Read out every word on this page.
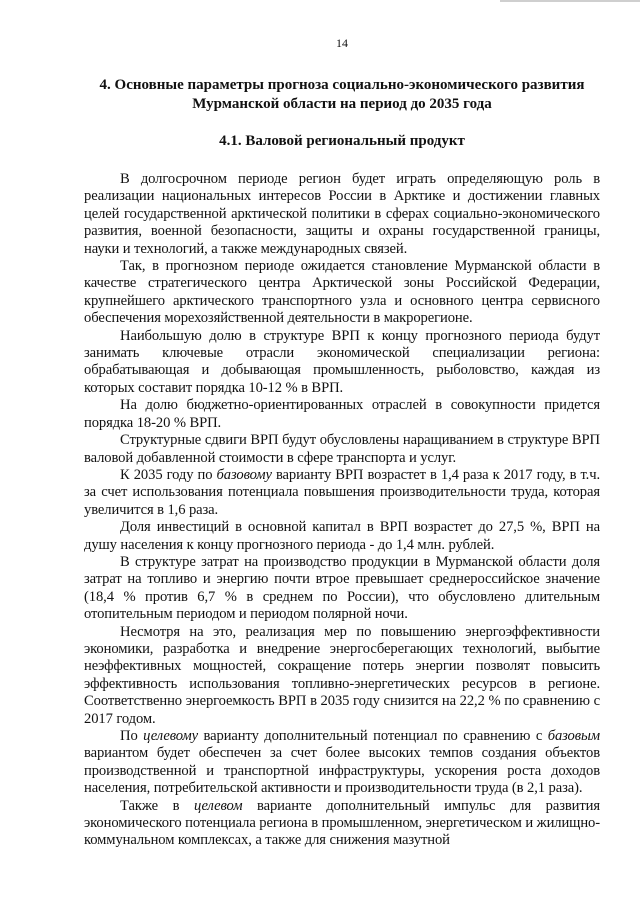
14
4. Основные параметры прогноза социально-экономического развития
Мурманской области на период до 2035 года
4.1. Валовой региональный продукт

В долгосрочном периоде регион будет играть определяющую роль в реализации национальных интересов России в Арктике и достижении главных целей государственной арктической политики в сферах социально-экономического развития, военной безопасности, защиты и охраны государственной границы, науки и технологий, а также международных связей.

Так, в прогнозном периоде ожидается становление Мурманской области в качестве стратегического центра Арктической зоны Российской Федерации, крупнейшего арктического транспортного узла и основного центра сервисного обеспечения морехозяйственной деятельности в макрорегионе.

Наибольшую долю в структуре ВРП к концу прогнозного периода будут занимать ключевые отрасли экономической специализации региона: обрабатывающая и добывающая промышленность, рыболовство, каждая из которых составит порядка 10-12 % в ВРП.

На долю бюджетно-ориентированных отраслей в совокупности придется порядка 18-20 % ВРП.

Структурные сдвиги ВРП будут обусловлены наращиванием в структуре ВРП валовой добавленной стоимости в сфере транспорта и услуг.

К 2035 году по базовому варианту ВРП возрастет в 1,4 раза к 2017 году, в т.ч. за счет использования потенциала повышения производительности труда, которая увеличится в 1,6 раза.

Доля инвестиций в основной капитал в ВРП возрастет до 27,5 %, ВРП на душу населения к концу прогнозного периода - до 1,4 млн. рублей.

В структуре затрат на производство продукции в Мурманской области доля затрат на топливо и энергию почти втрое превышает среднероссийское значение (18,4 % против 6,7 % в среднем по России), что обусловлено длительным отопительным периодом и периодом полярной ночи.

Несмотря на это, реализация мер по повышению энергоэффективности экономики, разработка и внедрение энергосберегающих технологий, выбытие неэффективных мощностей, сокращение потерь энергии позволят повысить эффективность использования топливно-энергетических ресурсов в регионе. Соответственно энергоемкость ВРП в 2035 году снизится на 22,2 % по сравнению с 2017 годом.

По целевому варианту дополнительный потенциал по сравнению с базовым вариантом будет обеспечен за счет более высоких темпов создания объектов производственной и транспортной инфраструктуры, ускорения роста доходов населения, потребительской активности и производительности труда (в 2,1 раза).

Также в целевом варианте дополнительный импульс для развития экономического потенциала региона в промышленном, энергетическом и жилищно-коммунальном комплексах, а также для снижения мазутной
